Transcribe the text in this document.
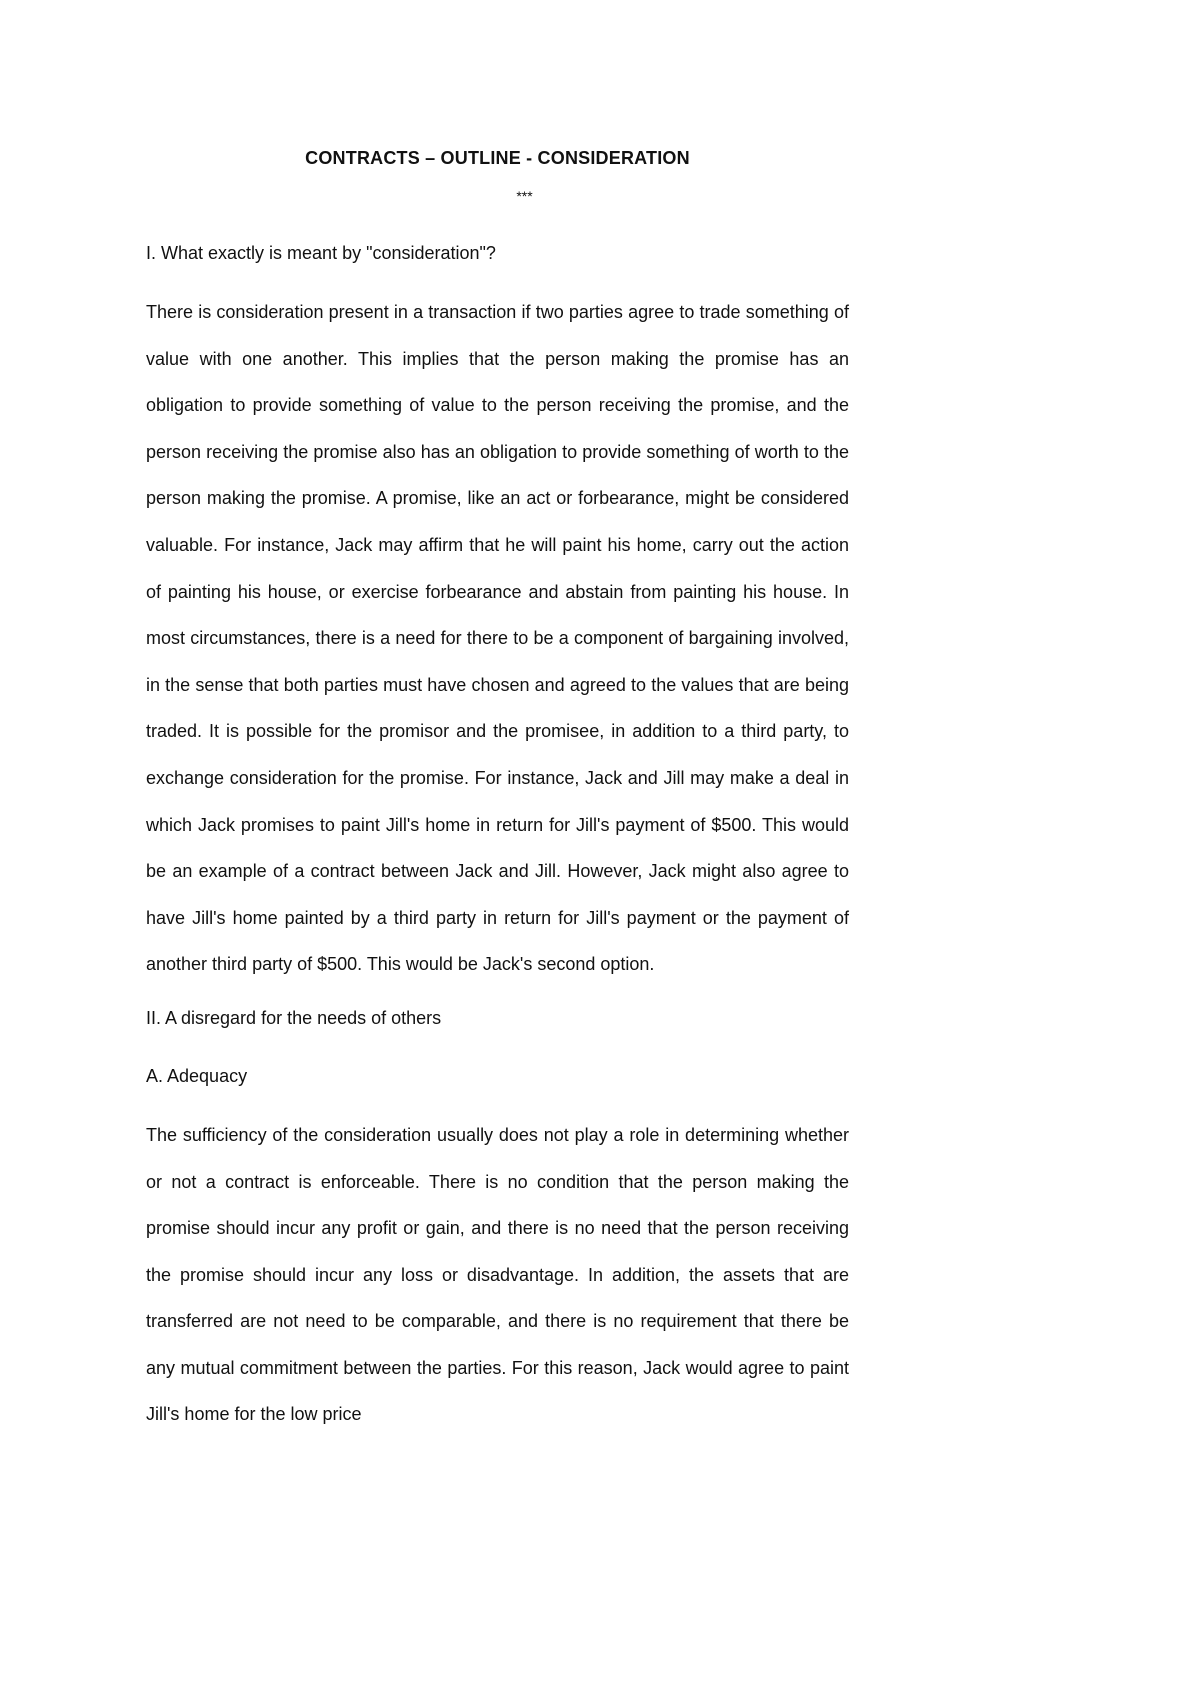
CONTRACTS – OUTLINE - CONSIDERATION
***

I. What exactly is meant by "consideration"?

There is consideration present in a transaction if two parties agree to trade something of value with one another. This implies that the person making the promise has an obligation to provide something of value to the person receiving the promise, and the person receiving the promise also has an obligation to provide something of worth to the person making the promise. A promise, like an act or forbearance, might be considered valuable. For instance, Jack may affirm that he will paint his home, carry out the action of painting his house, or exercise forbearance and abstain from painting his house. In most circumstances, there is a need for there to be a component of bargaining involved, in the sense that both parties must have chosen and agreed to the values that are being traded. It is possible for the promisor and the promisee, in addition to a third party, to exchange consideration for the promise. For instance, Jack and Jill may make a deal in which Jack promises to paint Jill's home in return for Jill's payment of $500. This would be an example of a contract between Jack and Jill. However, Jack might also agree to have Jill's home painted by a third party in return for Jill's payment or the payment of another third party of $500. This would be Jack's second option.

II. A disregard for the needs of others

A. Adequacy

The sufficiency of the consideration usually does not play a role in determining whether or not a contract is enforceable. There is no condition that the person making the promise should incur any profit or gain, and there is no need that the person receiving the promise should incur any loss or disadvantage. In addition, the assets that are transferred are not need to be comparable, and there is no requirement that there be any mutual commitment between the parties. For this reason, Jack would agree to paint Jill's home for the low price
